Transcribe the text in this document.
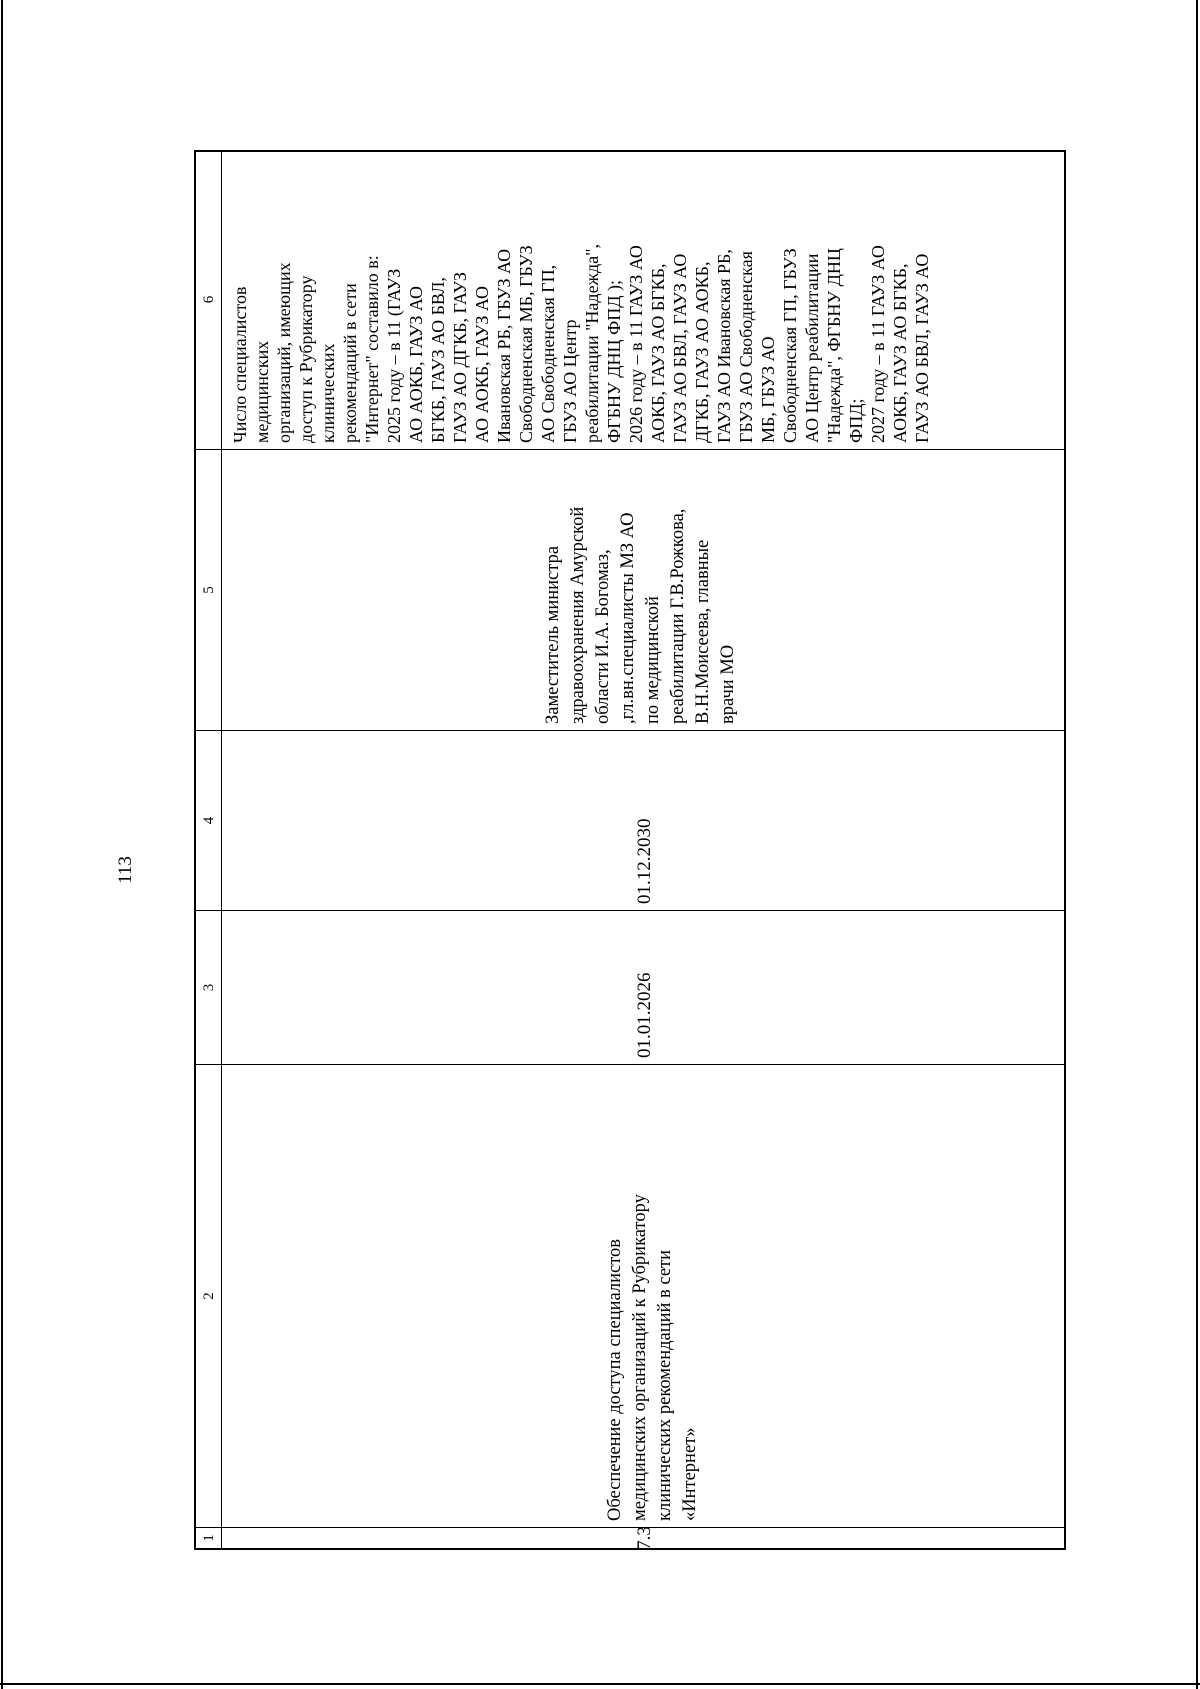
113
1
2
3
4
5
6
7.3
Обеспечение доступа специалистов медицинских организаций к Рубрикатору клинических рекомендаций в сети «Интернет»
01.01.2026
01.12.2030
Заместитель министра здравоохранения Амурской области И.А. Богомаз, ,гл.вн.специалисты МЗ АО по медицинской реабилитации Г.В.Рожкова, В.Н.Моисеева, главные врачи МО
Число специалистов медицинских организаций, имеющих доступ к Рубрикатору клинических рекомендаций в сети "Интернет" составило в: 2025 году – в 11 (ГАУЗ АО АОКБ, ГАУЗ АО БГКБ, ГАУЗ АО БВЛ, ГАУЗ АО ДГКБ, ГАУЗ АО АОКБ, ГАУЗ АО Ивановская РБ, ГБУЗ АО Свободненская МБ, ГБУЗ АО Свободненская ГП, ГБУЗ АО Центр реабилитации "Надежда", ФГБНУ ДНЦ ФПД ); 2026 году – в 11 ГАУЗ АО АОКБ, ГАУЗ АО БГКБ, ГАУЗ АО БВЛ, ГАУЗ АО ДГКБ, ГАУЗ АО АОКБ, ГАУЗ АО Ивановская РБ, ГБУЗ АО Свободненская МБ, ГБУЗ АО Свободненская ГП, ГБУЗ АО Центр реабилитации "Надежда", ФГБНУ ДНЦ ФПД; 2027 году – в 11 ГАУЗ АО АОКБ, ГАУЗ АО БГКБ, ГАУЗ АО БВЛ, ГАУЗ АО
